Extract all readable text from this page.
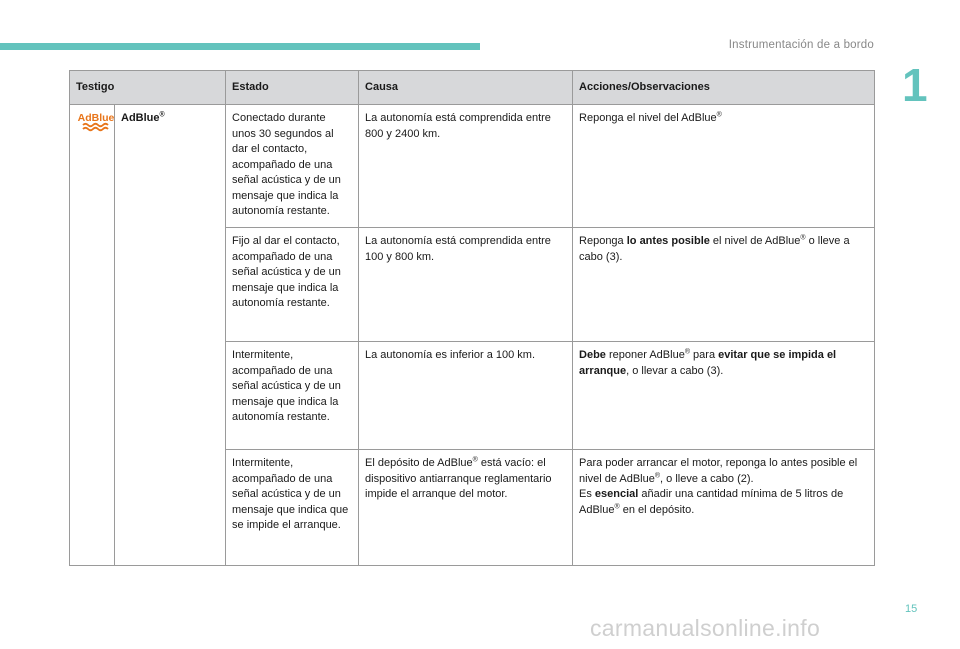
Instrumentación de a bordo
1
Testigo		Estado	Causa	Acciones/Observaciones

AdBlue	AdBlue®	Conectado durante unos 30 segundos al dar el contacto, acompañado de una señal acústica y de un mensaje que indica la autonomía restante.	La autonomía está comprendida entre 800 y 2400 km.	Reponga el nivel del AdBlue®
		Fijo al dar el contacto, acompañado de una señal acústica y de un mensaje que indica la autonomía restante.	La autonomía está comprendida entre 100 y 800 km.	Reponga lo antes posible el nivel de AdBlue® o lleve a cabo (3).
		Intermitente, acompañado de una señal acústica y de un mensaje que indica la autonomía restante.	La autonomía es inferior a 100 km.	Debe reponer AdBlue® para evitar que se impida el arranque, o llevar a cabo (3).
		Intermitente, acompañado de una señal acústica y de un mensaje que indica que se impide el arranque.	El depósito de AdBlue® está vacío: el dispositivo antiarranque reglamentario impide el arranque del motor.	Para poder arrancar el motor, reponga lo antes posible el nivel de AdBlue®, o lleve a cabo (2).
Es esencial añadir una cantidad mínima de 5 litros de AdBlue® en el depósito.
15
carmanualsonline.info
